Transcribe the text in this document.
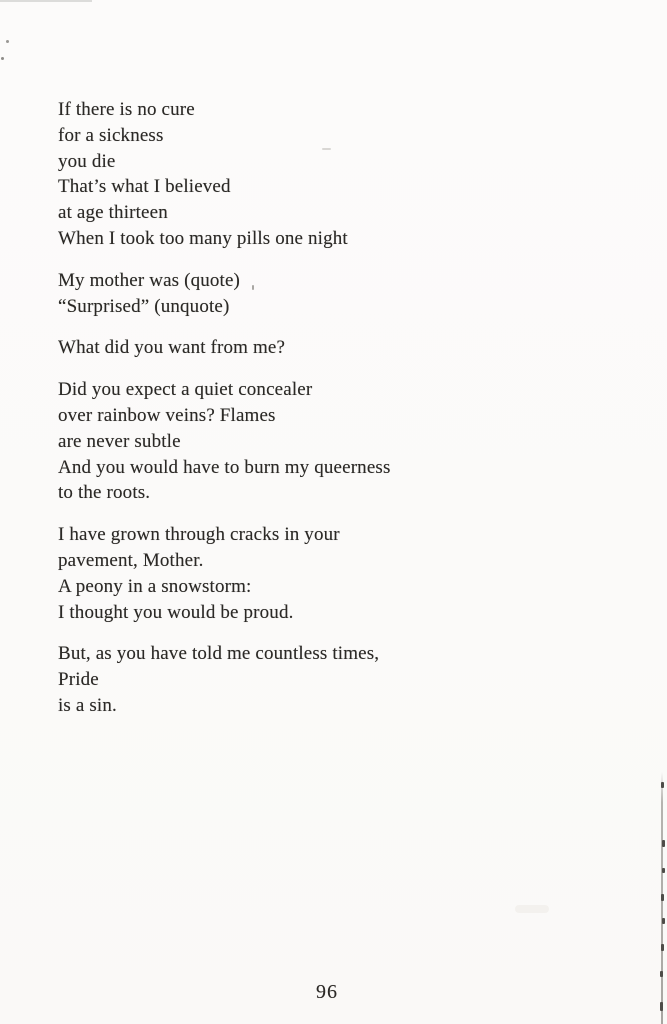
If there is no cure
for a sickness
you die
That’s what I believed
at age thirteen
When I took too many pills one night
My mother was (quote)
“Surprised” (unquote)
What did you want from me?
Did you expect a quiet concealer
over rainbow veins? Flames
are never subtle
And you would have to burn my queerness
to the roots.
I have grown through cracks in your
pavement, Mother.
A peony in a snowstorm:
I thought you would be proud.
But, as you have told me countless times,
Pride
is a sin.
96
